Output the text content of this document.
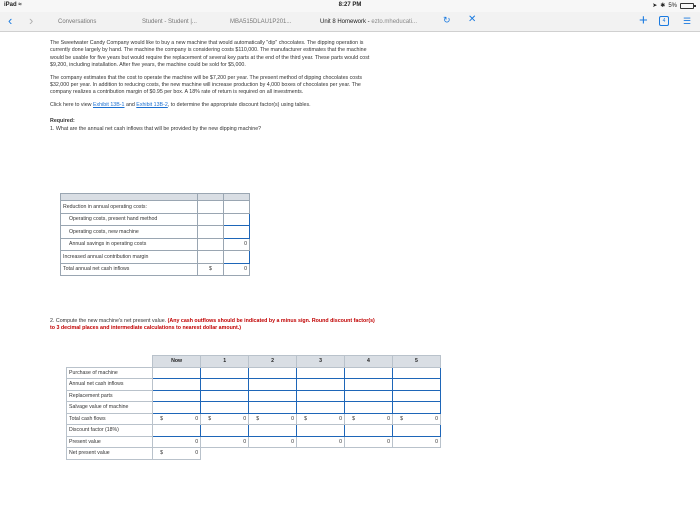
iPad ≈	8:27 PM	➤ ✱ 5%
‹ ›	Conversations	Student - Student |...	MBA515DLAU1P201...	Unit 8 Homework - ezto.mheducati...	↻ ✕	+	4	☰

The Sweetwater Candy Company would like to buy a new machine that would automatically "dip" chocolates. The dipping operation is currently done largely by hand. The machine the company is considering costs $110,000. The manufacturer estimates that the machine would be usable for five years but would require the replacement of several key parts at the end of the third year. These parts would cost $9,200, including installation. After five years, the machine could be sold for $5,000.

The company estimates that the cost to operate the machine will be $7,200 per year. The present method of dipping chocolates costs $32,000 per year. In addition to reducing costs, the new machine will increase production by 4,000 boxes of chocolates per year. The company realizes a contribution margin of $0.95 per box. A 18% rate of return is required on all investments.

Click here to view Exhibit 13B-1 and Exhibit 13B-2, to determine the appropriate discount factor(s) using tables.

Required:

1. What are the annual net cash inflows that will be provided by the new dipping machine?

Reduction in annual operating costs:		
Operating costs, present hand method		
Operating costs, new machine		
Annual savings in operating costs		0
Increased annual contribution margin		
Total annual net cash inflows	$	0
2. Compute the new machine's net present value. (Any cash outflows should be indicated by a minus sign. Round discount factor(s) to 3 decimal places and intermediate calculations to nearest dollar amount.)
	Now	1	2	3	4	5
Purchase of machine						
Annual net cash inflows						
Replacement parts						
Salvage value of machine						
Total cash flows	$ 0	$ 0	$ 0	$ 0	$ 0	$ 0
Discount factor (18%)						
Present value	0	0	0	0	0	0
Net present value	$ 0					
